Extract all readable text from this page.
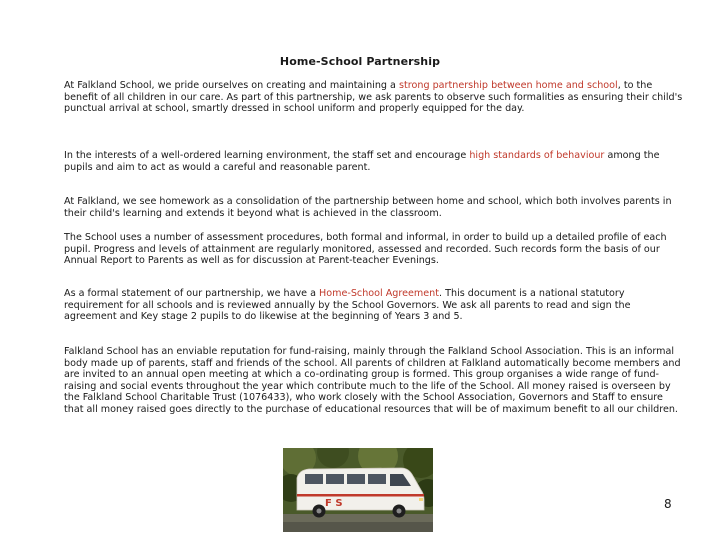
Home-School Partnership

At Falkland School, we pride ourselves on creating and maintaining a strong partnership between home and school, to the benefit of all children in our care. As part of this partnership, we ask parents to observe such formalities as ensuring their child's punctual arrival at school, smartly dressed in school uniform and properly equipped for the day.

In the interests of a well-ordered learning environment, the staff set and encourage high standards of behaviour among the pupils and aim to act as would a careful and reasonable parent.

At Falkland, we see homework as a consolidation of the partnership between home and school, which both involves parents in their child's learning and extends it beyond what is achieved in the classroom.

The School uses a number of assessment procedures, both formal and informal, in order to build up a detailed profile of each pupil. Progress and levels of attainment are regularly monitored, assessed and recorded. Such records form the basis of our Annual Report to Parents as well as for discussion at Parent-teacher Evenings.

As a formal statement of our partnership, we have a Home-School Agreement. This document is a national statutory requirement for all schools and is reviewed annually by the School Governors. We ask all parents to read and sign the agreement and Key stage 2 pupils to do likewise at the beginning of Years 3 and 5.

Falkland School has an enviable reputation for fund-raising, mainly through the Falkland School Association. This is an informal body made up of parents, staff and friends of the school. All parents of children at Falkland automatically become members and are invited to an annual open meeting at which a co-ordinating group is formed. This group organises a wide range of fund-raising and social events throughout the year which contribute much to the life of the School. All money raised is overseen by the Falkland School Charitable Trust (1076433), who work closely with the School Association, Governors and Staff to ensure that all money raised goes directly to the purchase of educational resources that will be of maximum benefit to all our children.

F S	8
